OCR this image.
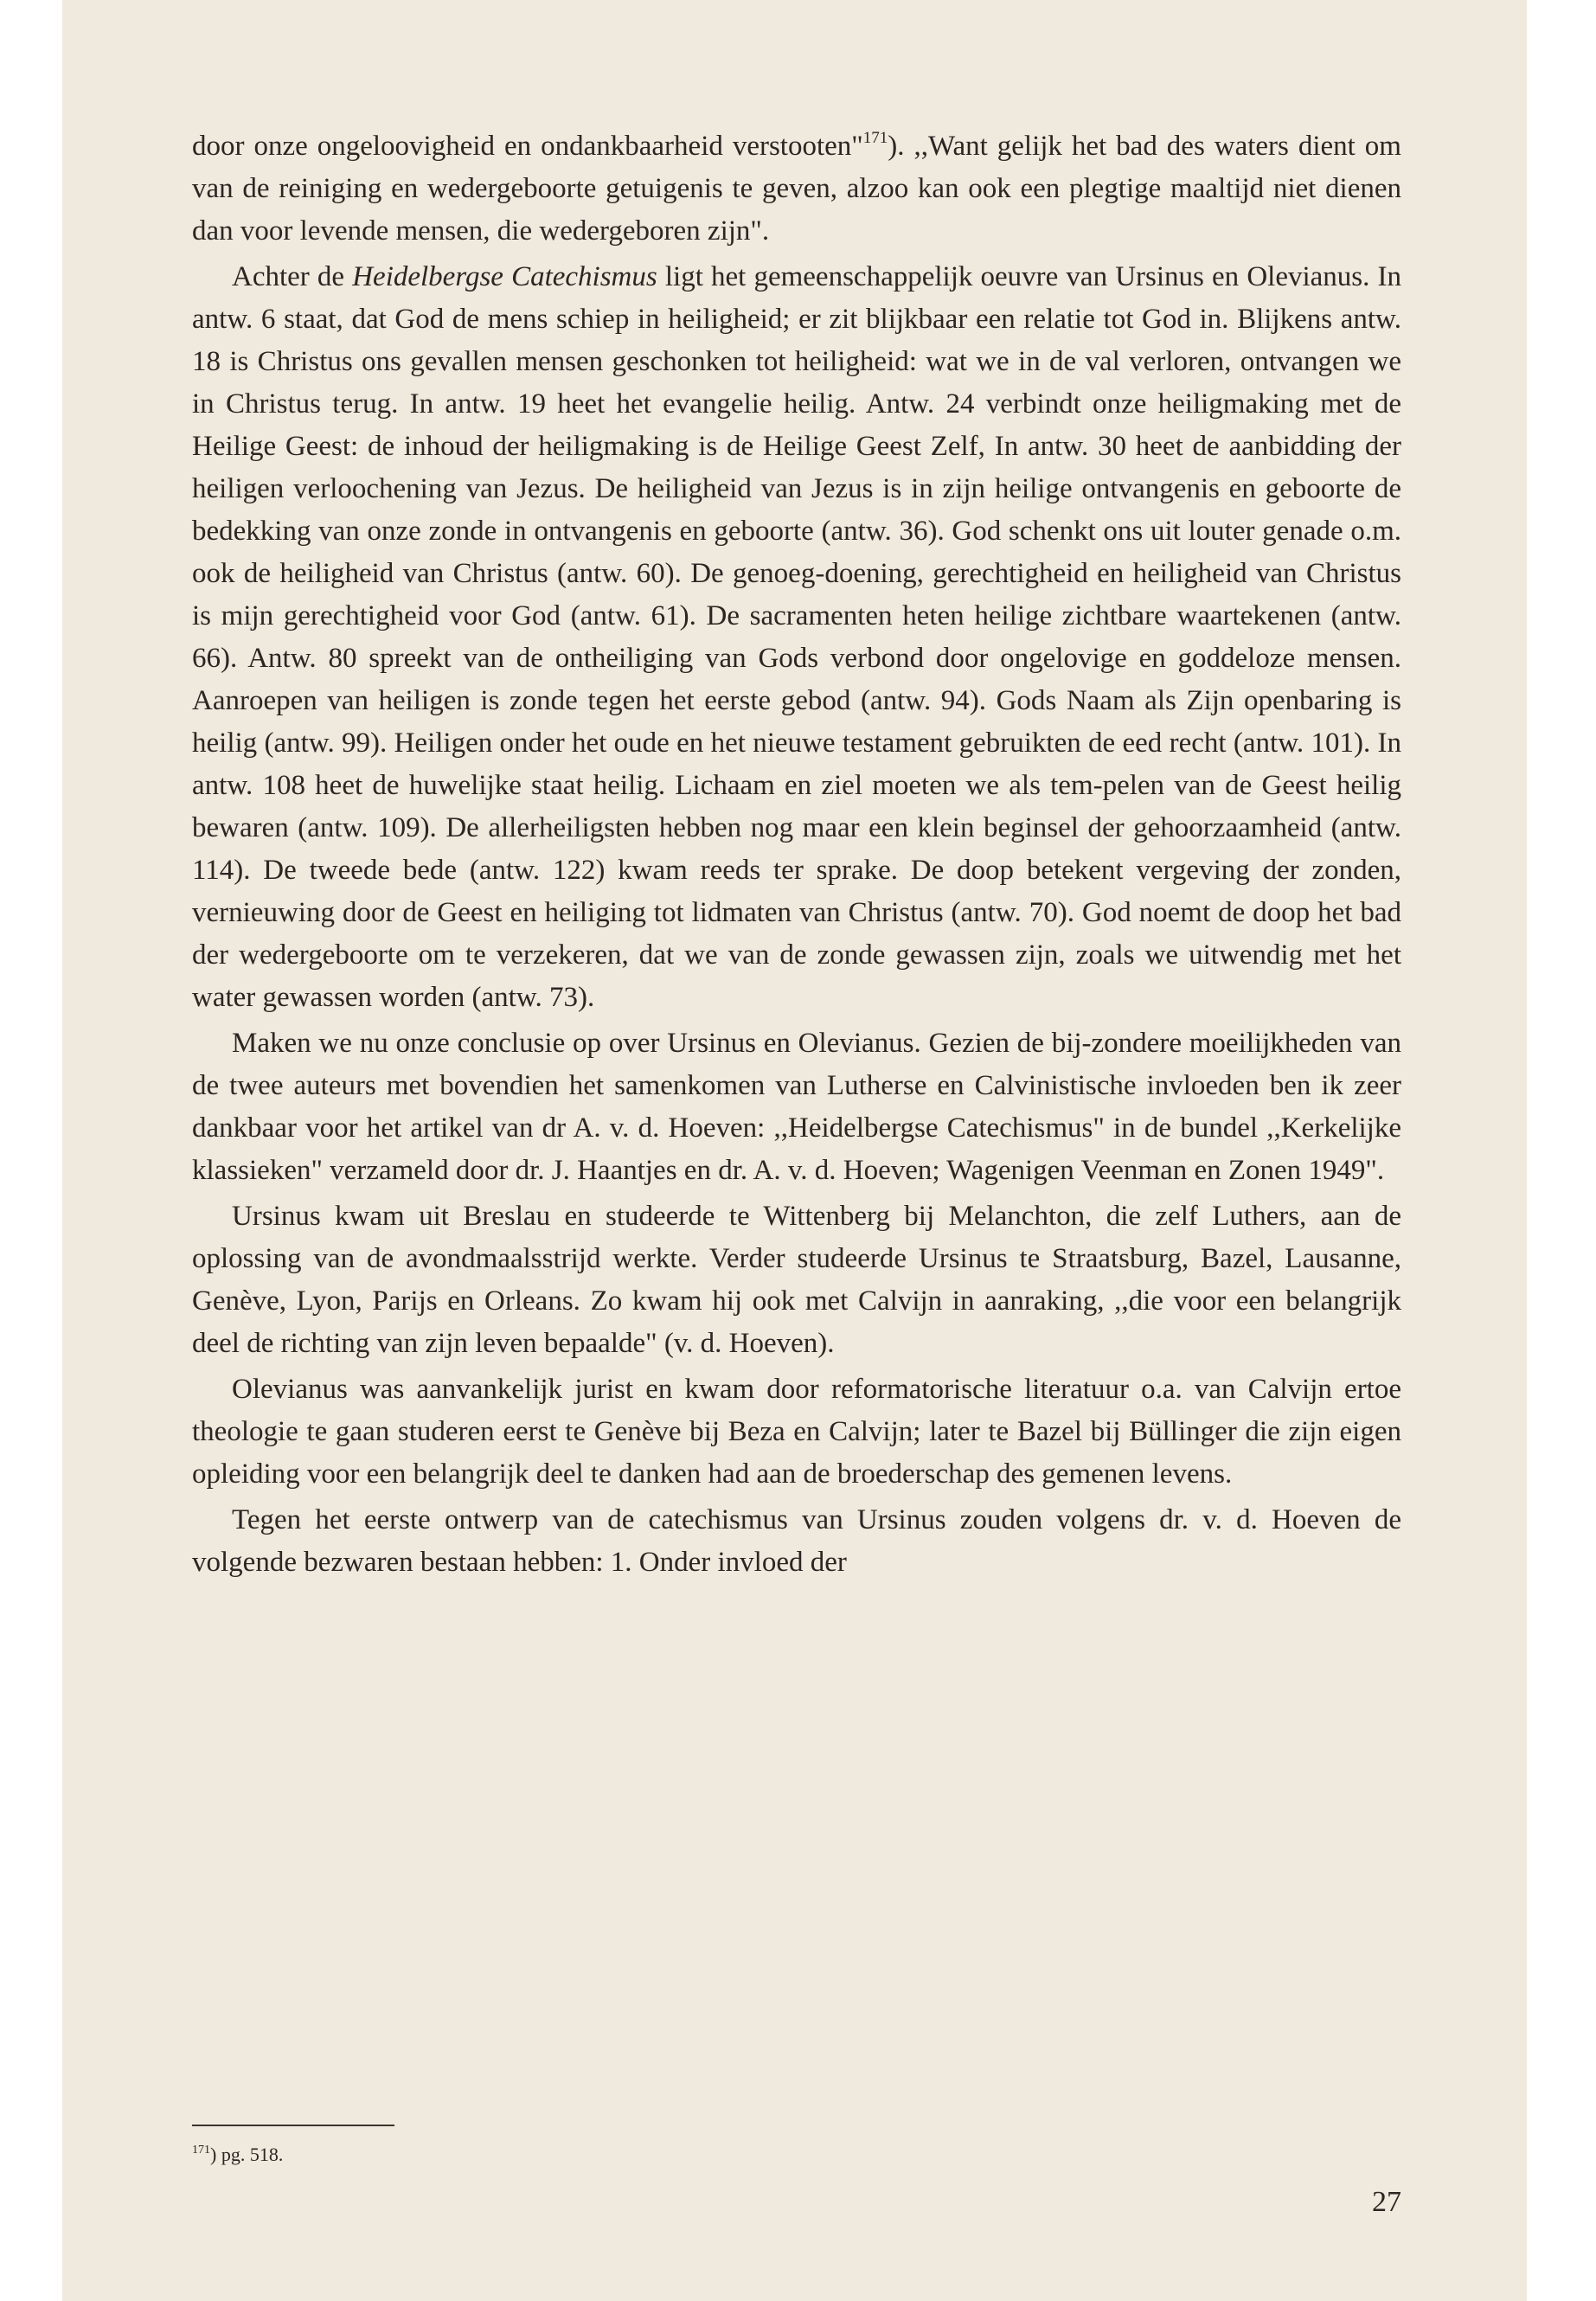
door onze ongeloovigheid en ondankbaarheid verstooten"$^{171}$). ,,Want gelijk het bad des waters dient om van de reiniging en wedergeboorte getuigenis te geven, alzoo kan ook een plegtige maaltijd niet dienen dan voor levende mensen, die wedergeboren zijn".

Achter de Heidelbergse Catechismus ligt het gemeenschappelijk oeuvre van Ursinus en Olevianus. In antw. 6 staat, dat God de mens schiep in heiligheid; er zit blijkbaar een relatie tot God in. Blijkens antw. 18 is Christus ons gevallen mensen geschonken tot heiligheid: wat we in de val verloren, ontvangen we in Christus terug. In antw. 19 heet het evangelie heilig. Antw. 24 verbindt onze heiligmaking met de Heilige Geest: de inhoud der heiligmaking is de Heilige Geest Zelf, In antw. 30 heet de aanbidding der heiligen verloochening van Jezus. De heiligheid van Jezus is in zijn heilige ontvangenis en geboorte de bedekking van onze zonde in ontvangenis en geboorte (antw. 36). God schenkt ons uit louter genade o.m. ook de heiligheid van Christus (antw. 60). De genoeg-doening, gerechtigheid en heiligheid van Christus is mijn gerechtigheid voor God (antw. 61). De sacramenten heten heilige zichtbare waartekenen (antw. 66). Antw. 80 spreekt van de ontheiliging van Gods verbond door ongelovige en goddeloze mensen. Aanroepen van heiligen is zonde tegen het eerste gebod (antw. 94). Gods Naam als Zijn openbaring is heilig (antw. 99). Heiligen onder het oude en het nieuwe testament gebruikten de eed recht (antw. 101). In antw. 108 heet de huwelijke staat heilig. Lichaam en ziel moeten we als tem-pelen van de Geest heilig bewaren (antw. 109). De allerheiligsten hebben nog maar een klein beginsel der gehoorzaamheid (antw. 114). De tweede bede (antw. 122) kwam reeds ter sprake. De doop betekent vergeving der zonden, vernieuwing door de Geest en heiliging tot lidmaten van Christus (antw. 70). God noemt de doop het bad der wedergeboorte om te verzekeren, dat we van de zonde gewassen zijn, zoals we uitwendig met het water gewassen worden (antw. 73).

Maken we nu onze conclusie op over Ursinus en Olevianus. Gezien de bij-zondere moeilijkheden van de twee auteurs met bovendien het samenkomen van Lutherse en Calvinistische invloeden ben ik zeer dankbaar voor het artikel van dr A. v. d. Hoeven: ,,Heidelbergse Catechismus" in de bundel ,,Kerkelijke klassieken" verzameld door dr. J. Haantjes en dr. A. v. d. Hoeven; Wagenigen Veenman en Zonen 1949".

Ursinus kwam uit Breslau en studeerde te Wittenberg bij Melanchton, die zelf Luthers, aan de oplossing van de avondmaalsstrijd werkte. Verder studeerde Ursinus te Straatsburg, Bazel, Lausanne, Genève, Lyon, Parijs en Orleans. Zo kwam hij ook met Calvijn in aanraking, ,,die voor een belangrijk deel de richting van zijn leven bepaalde" (v. d. Hoeven).

Olevianus was aanvankelijk jurist en kwam door reformatorische literatuur o.a. van Calvijn ertoe theologie te gaan studeren eerst te Genève bij Beza en Calvijn; later te Bazel bij Büllinger die zijn eigen opleiding voor een belangrijk deel te danken had aan de broederschap des gemenen levens.

Tegen het eerste ontwerp van de catechismus van Ursinus zouden volgens dr. v. d. Hoeven de volgende bezwaren bestaan hebben: 1. Onder invloed der

$^{171}$) pg. 518.
27
